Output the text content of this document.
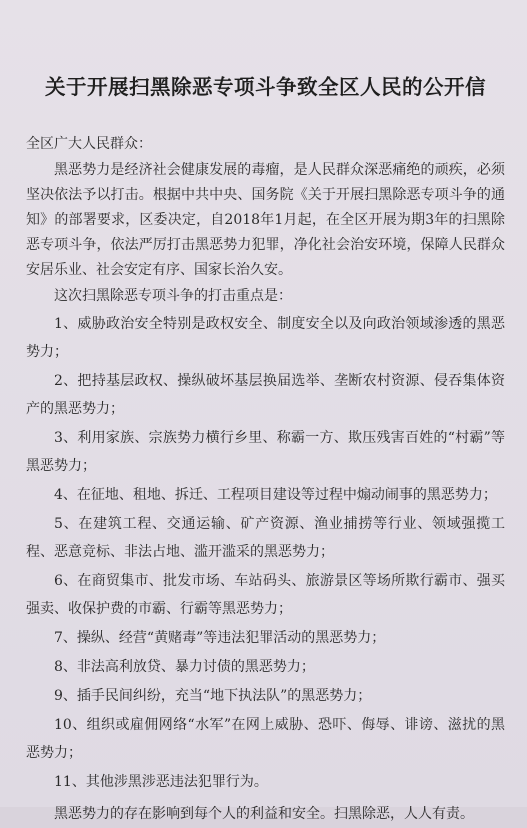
关于开展扫黑除恶专项斗争致全区人民的公开信

全区广大人民群众：

黑恶势力是经济社会健康发展的毒瘤，是人民群众深恶痛绝的顽疾，必须坚决依法予以打击。根据中共中央、国务院《关于开展扫黑除恶专项斗争的通知》的部署要求，区委决定，自2018年1月起，在全区开展为期3年的扫黑除恶专项斗争，依法严厉打击黑恶势力犯罪，净化社会治安环境，保障人民群众安居乐业、社会安定有序、国家长治久安。

这次扫黑除恶专项斗争的打击重点是：

1、威胁政治安全特别是政权安全、制度安全以及向政治领域渗透的黑恶势力；

2、把持基层政权、操纵破坏基层换届选举、垄断农村资源、侵吞集体资产的黑恶势力；

3、利用家族、宗族势力横行乡里、称霸一方、欺压残害百姓的“村霸”等黑恶势力；

4、在征地、租地、拆迁、工程项目建设等过程中煽动闹事的黑恶势力；

5、在建筑工程、交通运输、矿产资源、渔业捕捞等行业、领域强揽工程、恶意竞标、非法占地、滥开滥采的黑恶势力；

6、在商贸集市、批发市场、车站码头、旅游景区等场所欺行霸市、强买强卖、收保护费的市霸、行霸等黑恶势力；

7、操纵、经营“黄赌毒”等违法犯罪活动的黑恶势力；

8、非法高利放贷、暴力讨债的黑恶势力；

9、插手民间纠纷，充当“地下执法队”的黑恶势力；

10、组织或雇佣网络“水军”在网上威胁、恐吓、侮辱、诽谤、滋扰的黑恶势力；

11、其他涉黑涉恶违法犯罪行为。

黑恶势力的存在影响到每个人的利益和安全。扫黑除恶，人人有责。
